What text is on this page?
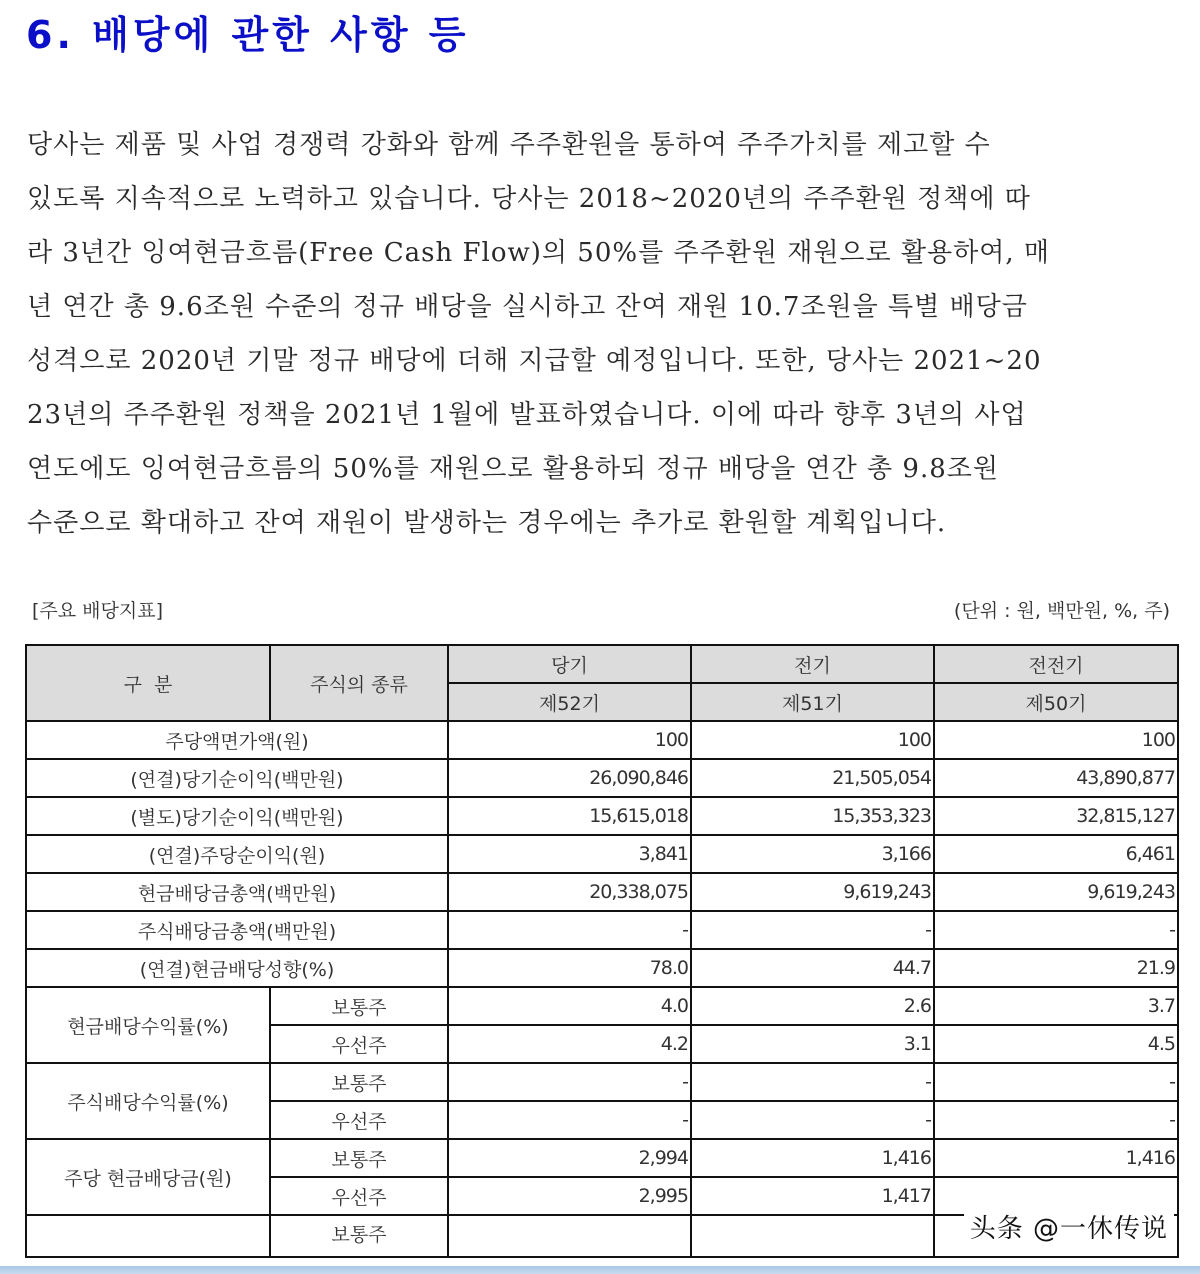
6. 배당에 관한 사항 등
당사는 제품 및 사업 경쟁력 강화와 함께 주주환원을 통하여 주주가치를 제고할 수
있도록 지속적으로 노력하고 있습니다. 당사는 2018~2020년의 주주환원 정책에 따
라 3년간 잉여현금흐름(Free Cash Flow)의 50%를 주주환원 재원으로 활용하여, 매
년 연간 총 9.6조원 수준의 정규 배당을 실시하고 잔여 재원 10.7조원을 특별 배당금
성격으로 2020년 기말 정규 배당에 더해 지급할 예정입니다. 또한, 당사는 2021~20
23년의 주주환원 정책을 2021년 1월에 발표하였습니다. 이에 따라 향후 3년의 사업
연도에도 잉여현금흐름의 50%를 재원으로 활용하되 정규 배당을 연간 총 9.8조원
수준으로 확대하고 잔여 재원이 발생하는 경우에는 추가로 환원할 계획입니다.
[주요 배당지표]	(단위 : 원, 백만원, %, 주)
구  분	주식의 종류	당기	전기	전전기
		제52기	제51기	제50기
주당액면가액(원)		100	100	100
(연결)당기순이익(백만원)		26,090,846	21,505,054	43,890,877
(별도)당기순이익(백만원)		15,615,018	15,353,323	32,815,127
(연결)주당순이익(원)		3,841	3,166	6,461
현금배당금총액(백만원)		20,338,075	9,619,243	9,619,243
주식배당금총액(백만원)		-	-	-
(연결)현금배당성향(%)		78.0	44.7	21.9
현금배당수익률(%)	보통주	4.0	2.6	3.7
	우선주	4.2	3.1	4.5
주식배당수익률(%)	보통주	-	-	-
	우선주	-	-	-
주당 현금배당금(원)	보통주	2,994	1,416	1,416
	우선주	2,995	1,417	
	보통주				头条 @一休传说
